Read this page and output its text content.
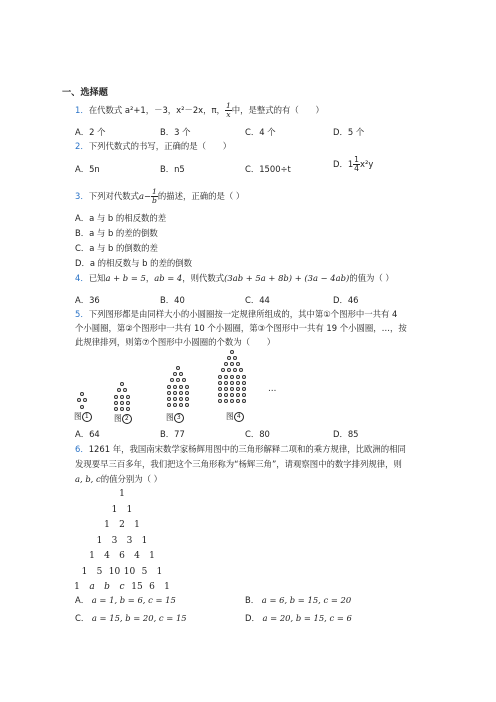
一、选择题
1．在代数式 a²+1，－3，x²－2x，π， $\frac{1}{x}$ 中，是整式的有（　　）
A．2 个	B．3 个	C．4 个	D．5 个
2．下列代数式的书写，正确的是（　　）
A．5n	B．n5	C．1500÷t	D．$1 \frac{1}{4} x^2y$
3．下列对代数式$a- \frac{1}{b}$ 的描述，正确的是（ ）
A．a 与 b 的相反数的差
B．a 与 b 的差的倒数
C．a 与 b 的倒数的差
D．a 的相反数与 b 的差的倒数
4．已知a + b = 5，ab = 4，则代数式(3ab + 5a + 8b) + (3a − 4ab)的值为（ ）
A．36	B．40	C．44	D．46
5．下列图形都是由同样大小的小圆圈按一定规律所组成的，其中第①个图形中一共有 4
个小圆圈，第②个图形中一共有 10 个小圆圈，第③个图形中一共有 19 个小圆圈，…，按
此规律排列，则第⑦个图形中小圆圈的个数为（　　）
图 1	图 2	图 3	图 4
…
A．64	B．77	C．80	D．85
6．1261 年，我国南宋数学家杨辉用图中的三角形解释二项和的乘方规律，比欧洲的相同
发现要早三百多年，我们把这个三角形称为“杨辉三角”，请观察图中的数字排列规律，则
a, b, c的值分别为（ ）
1
1 1
1 2 1
1 3 3 1
1 4 6 4 1
1 5 10 10 5 1
1 a b c 15 6 1
A． a = 1, b = 6, c = 15	B． a = 6, b = 15, c = 20
C． a = 15, b = 20, c = 15	D． a = 20, b = 15, c = 6
